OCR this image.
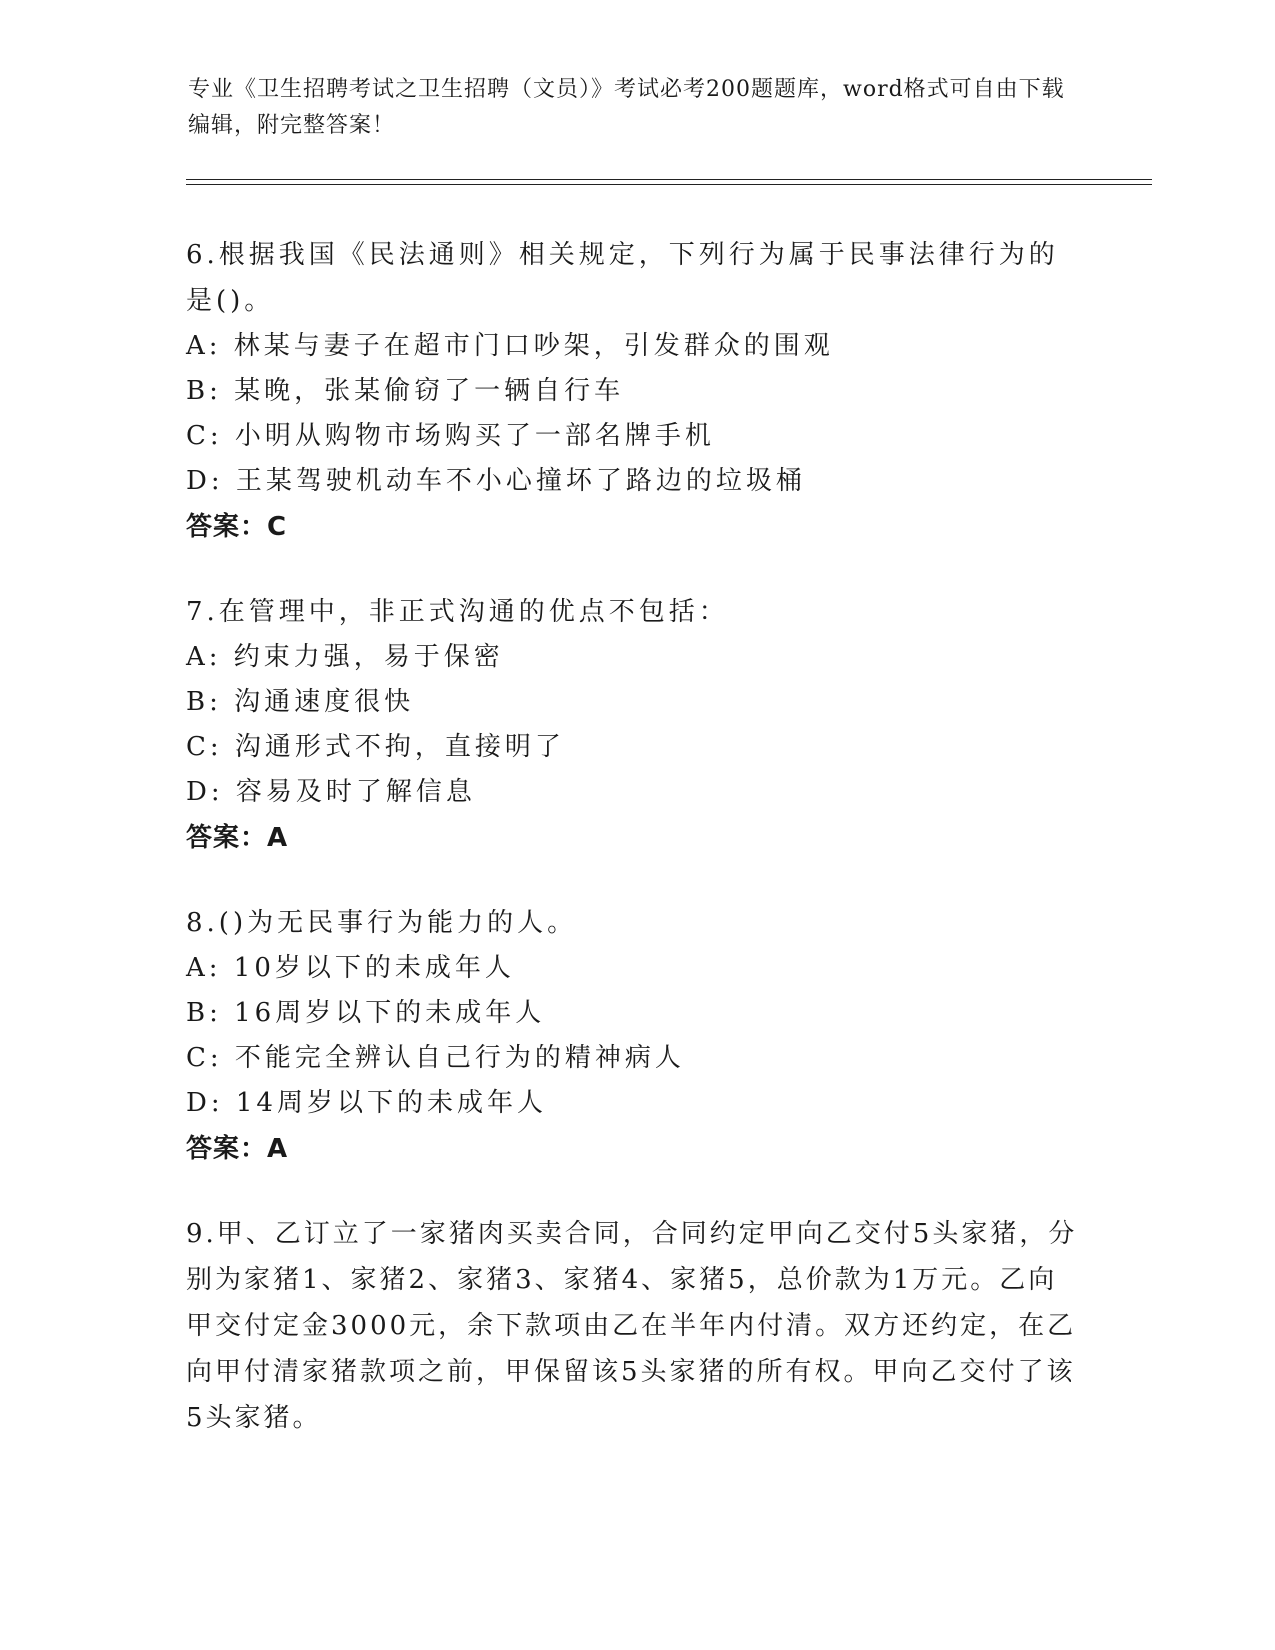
专业《卫生招聘考试之卫生招聘（文员）》考试必考200题题库，word格式可自由下载编辑，附完整答案！

6.根据我国《民法通则》相关规定，下列行为属于民事法律行为的是()。

A: 林某与妻子在超市门口吵架，引发群众的围观

B: 某晚，张某偷窃了一辆自行车

C: 小明从购物市场购买了一部名牌手机

D: 王某驾驶机动车不小心撞坏了路边的垃圾桶

答案：C

7.在管理中，非正式沟通的优点不包括：

A: 约束力强，易于保密

B: 沟通速度很快

C: 沟通形式不拘，直接明了

D: 容易及时了解信息

答案：A

8.()为无民事行为能力的人。

A: 10岁以下的未成年人

B: 16周岁以下的未成年人

C: 不能完全辨认自己行为的精神病人

D: 14周岁以下的未成年人

答案：A

9.甲、乙订立了一家猪肉买卖合同，合同约定甲向乙交付5头家猪，分别为家猪1、家猪2、家猪3、家猪4、家猪5，总价款为1万元。乙向甲交付定金3000元，余下款项由乙在半年内付清。双方还约定，在乙向甲付清家猪款项之前，甲保留该5头家猪的所有权。甲向乙交付了该5头家猪。
